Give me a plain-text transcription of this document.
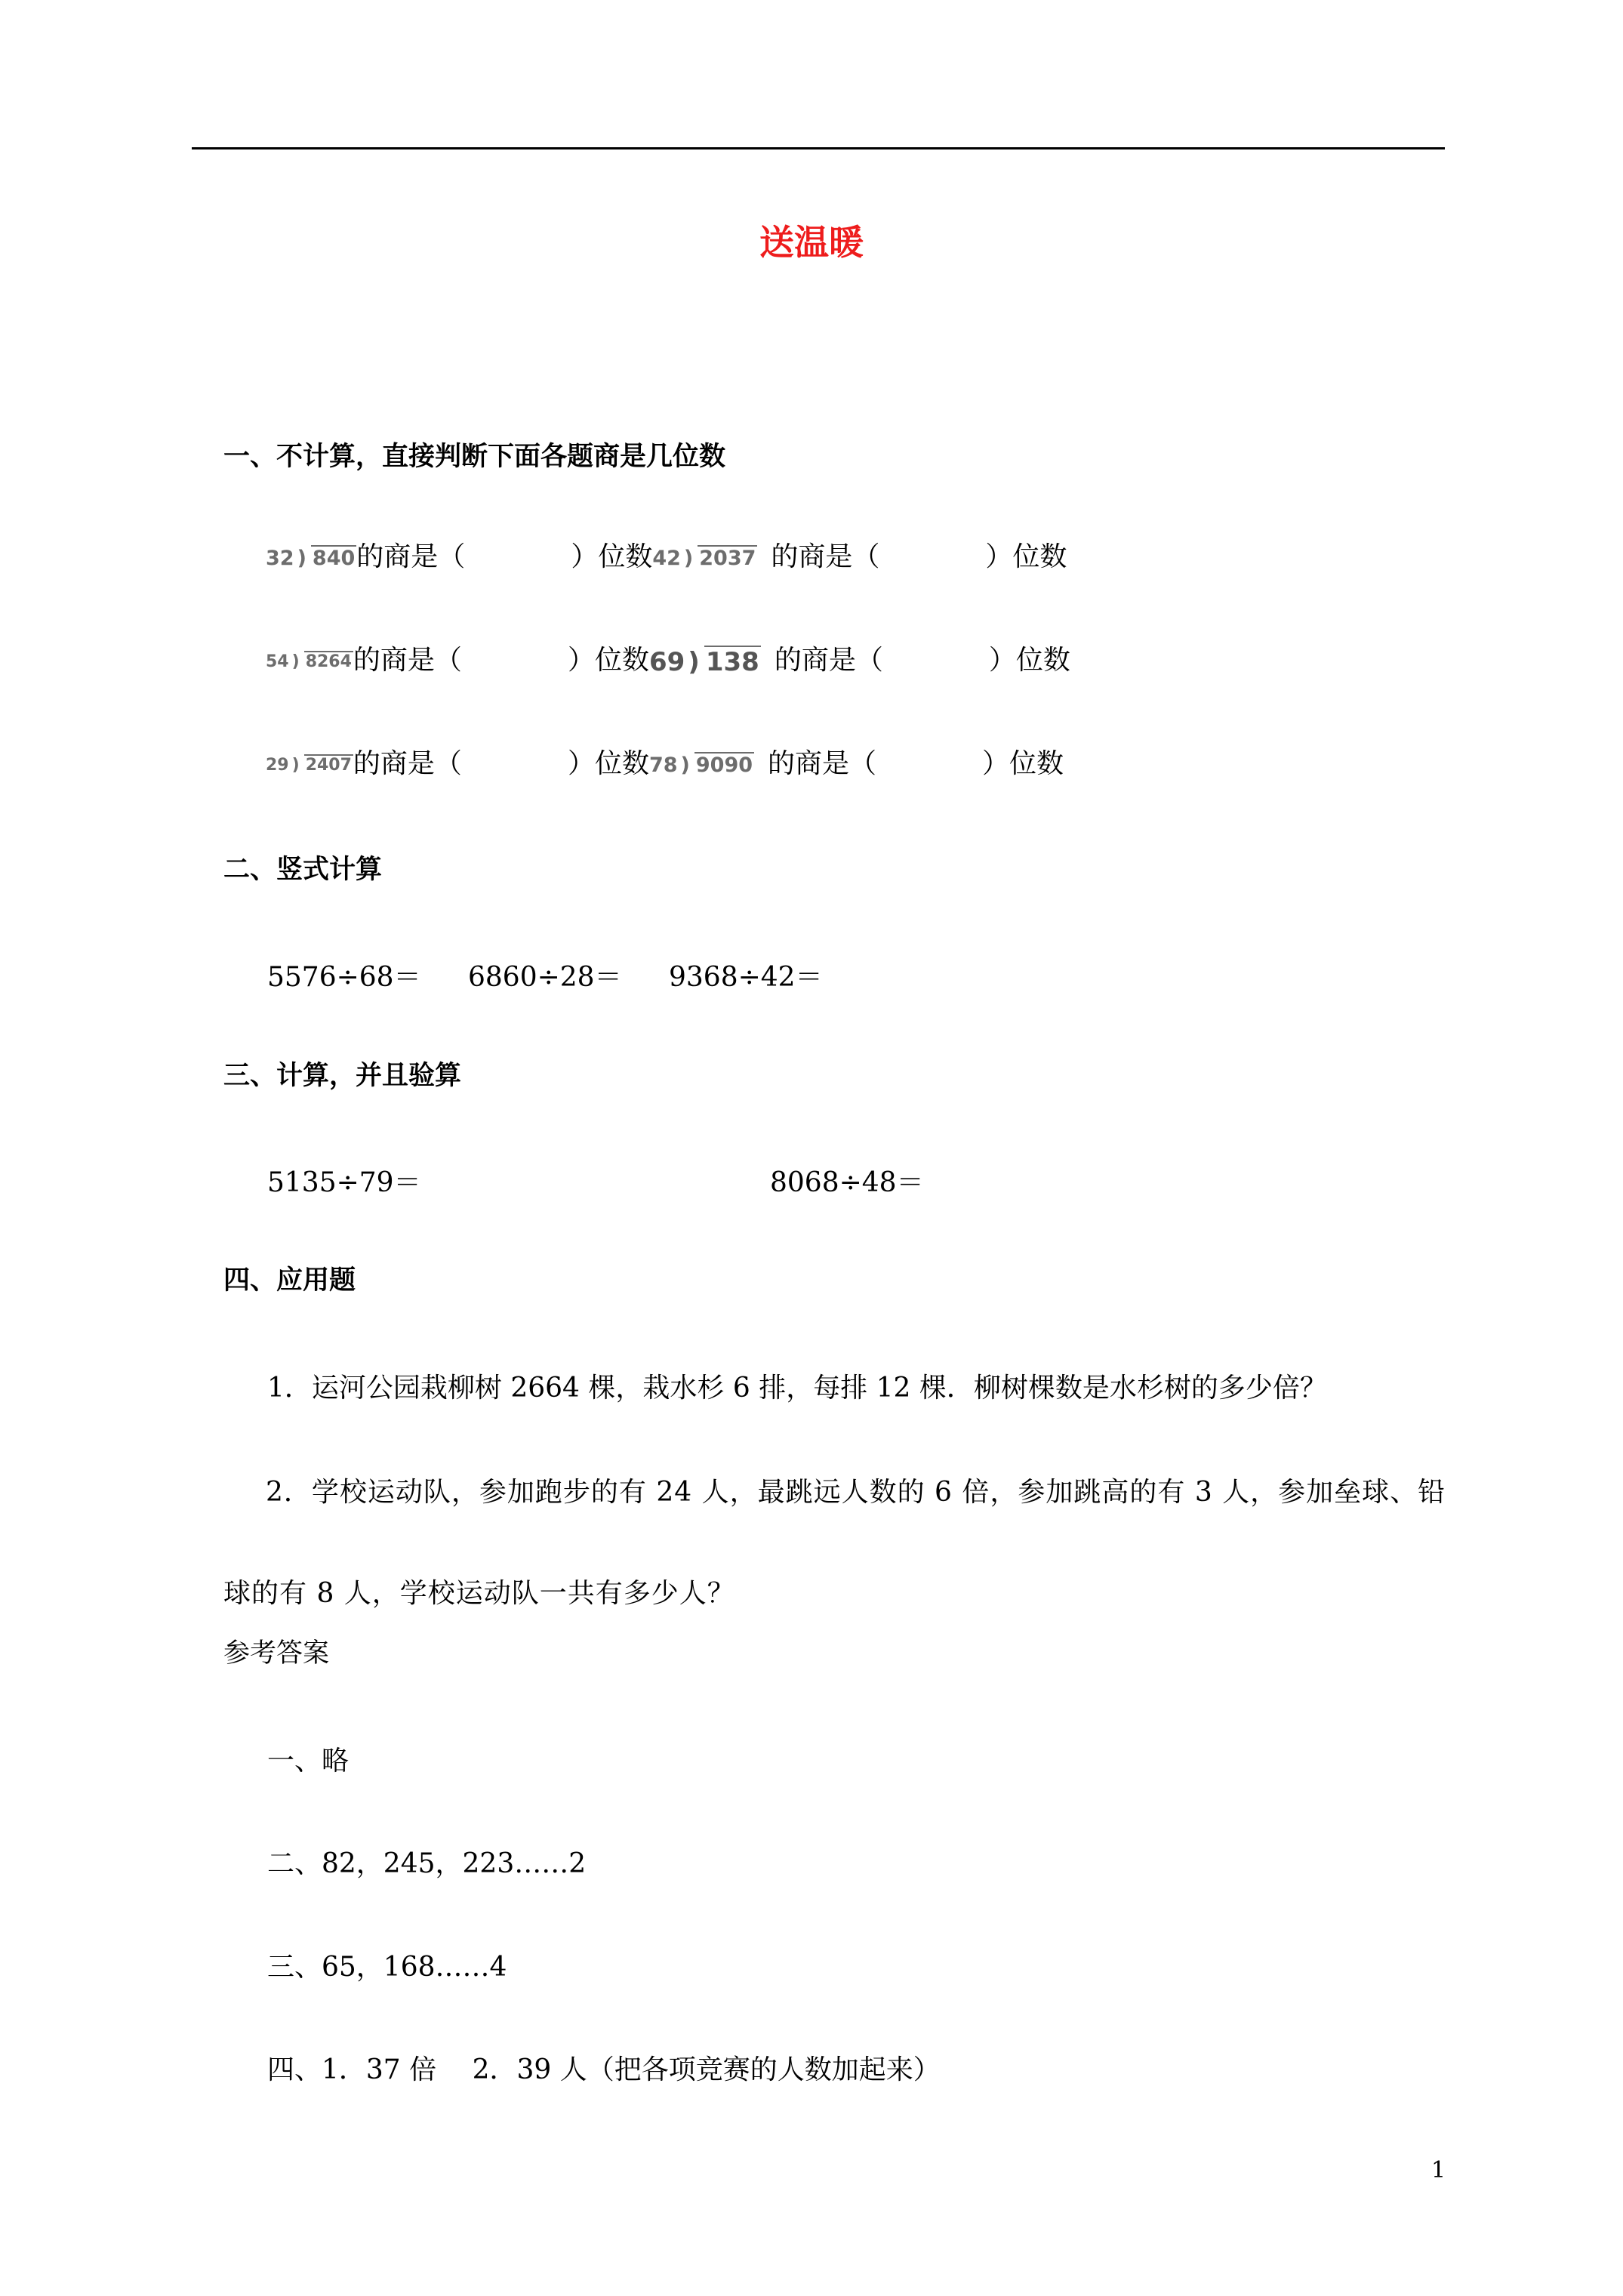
送温暖
一、不计算，直接判断下面各题商是几位数
32 ) 840的商是（	）位数42 ) 2037 的商是（	）位数
54 ) 8264的商是（	）位数69 ) 138 的商是（	）位数
29 ) 2407的商是（	）位数78 ) 9090 的商是（	）位数
二、竖式计算
5576÷68＝ 6860÷28＝ 9368÷42＝
三、计算，并且验算
5135÷79＝	8068÷48＝
四、应用题
1．运河公园栽柳树 2664 棵，栽水杉 6 排，每排 12 棵．柳树棵数是水杉树的多少倍？
2．学校运动队，参加跑步的有 24 人，最跳远人数的 6 倍，参加跳高的有 3 人，参加垒球、铅球的有 8 人，学校运动队一共有多少人？
参考答案
一、略
二、82，245，223……2
三、65，168……4
四、1．37 倍　 2．39 人（把各项竞赛的人数加起来）
1
